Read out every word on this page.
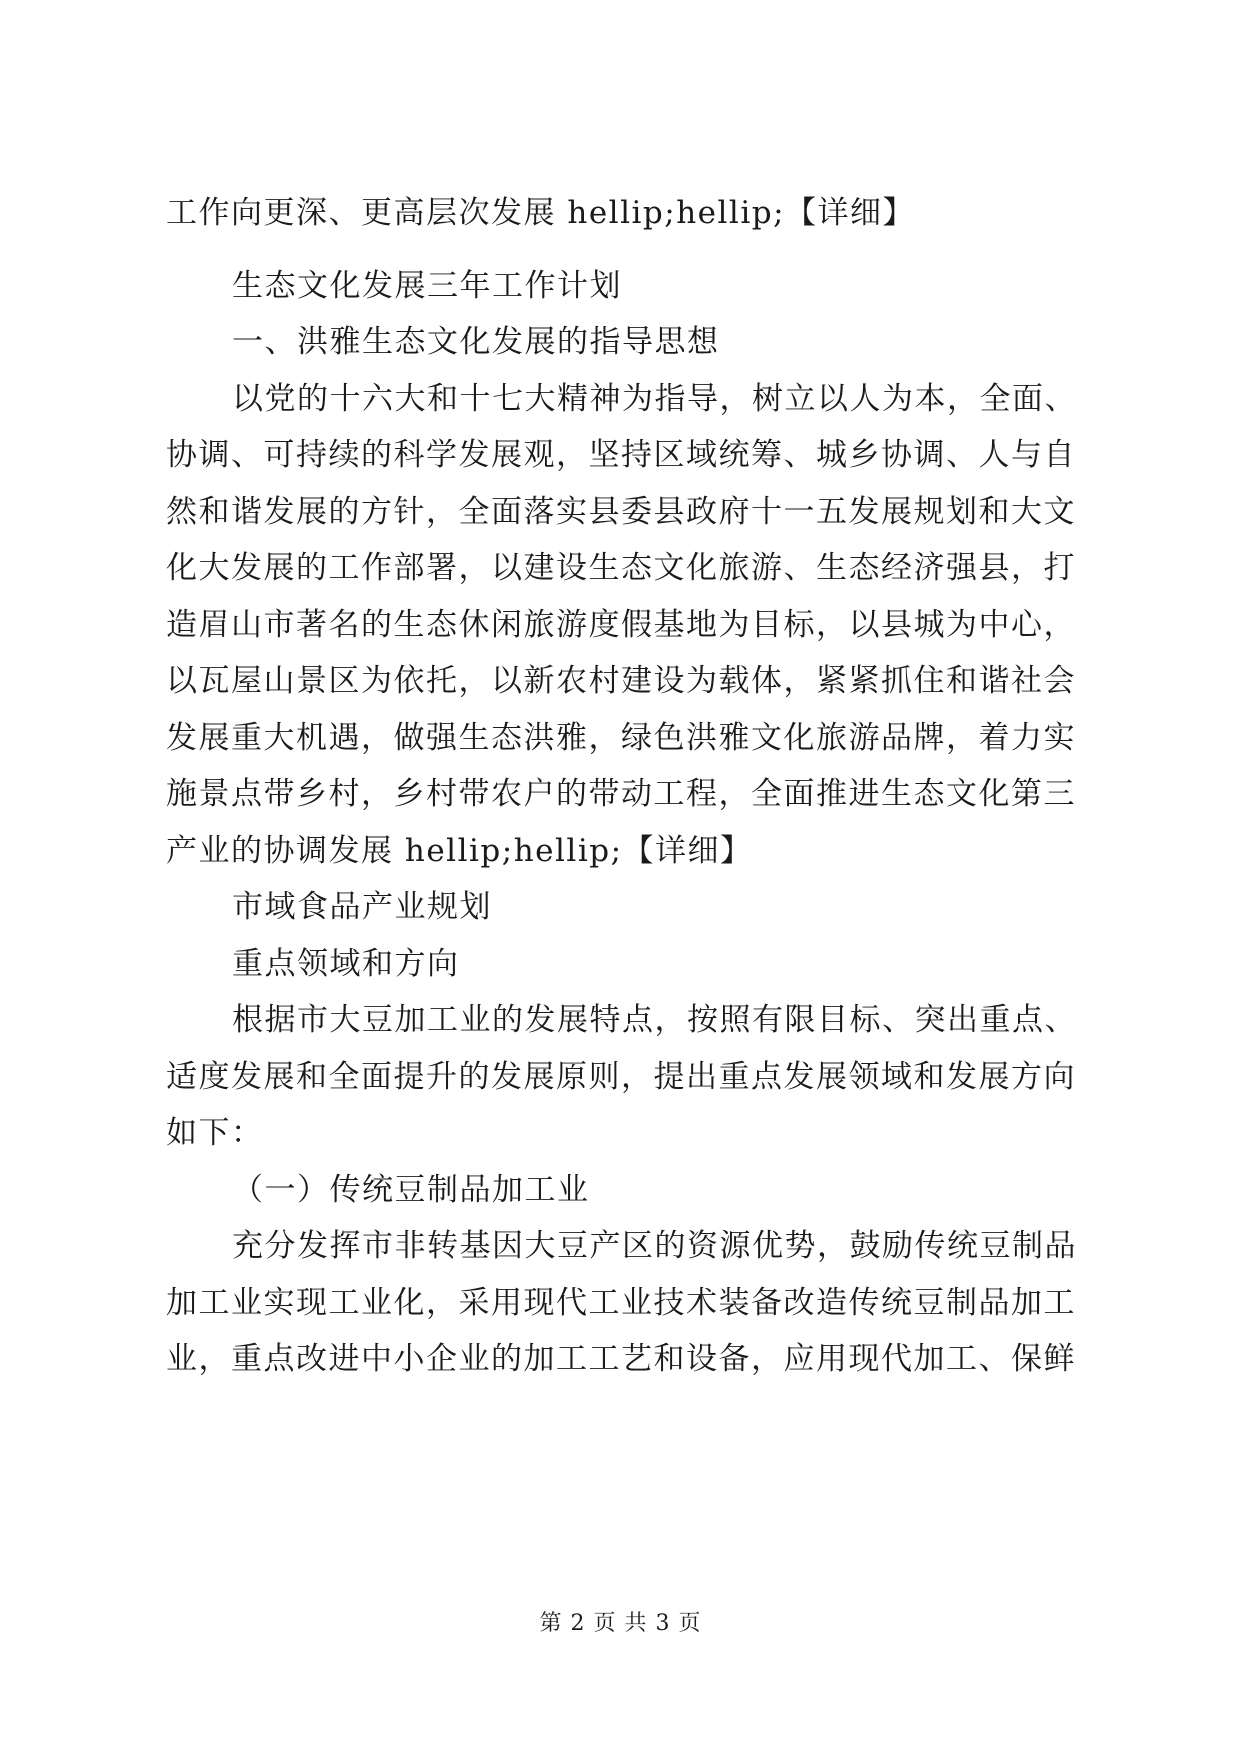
工作向更深、更高层次发展 hellip;hellip;【详细】
生态文化发展三年工作计划
一、洪雅生态文化发展的指导思想
以党的十六大和十七大精神为指导，树立以人为本，全面、
协调、可持续的科学发展观，坚持区域统筹、城乡协调、人与自
然和谐发展的方针，全面落实县委县政府十一五发展规划和大文
化大发展的工作部署，以建设生态文化旅游、生态经济强县，打
造眉山市著名的生态休闲旅游度假基地为目标，以县城为中心，
以瓦屋山景区为依托，以新农村建设为载体，紧紧抓住和谐社会
发展重大机遇，做强生态洪雅，绿色洪雅文化旅游品牌，着力实
施景点带乡村，乡村带农户的带动工程，全面推进生态文化第三
产业的协调发展 hellip;hellip;【详细】
市域食品产业规划
重点领域和方向
根据市大豆加工业的发展特点，按照有限目标、突出重点、
适度发展和全面提升的发展原则，提出重点发展领域和发展方向
如下：
（一）传统豆制品加工业
充分发挥市非转基因大豆产区的资源优势，鼓励传统豆制品
加工业实现工业化，采用现代工业技术装备改造传统豆制品加工
业，重点改进中小企业的加工工艺和设备，应用现代加工、保鲜
第 2 页 共 3 页
